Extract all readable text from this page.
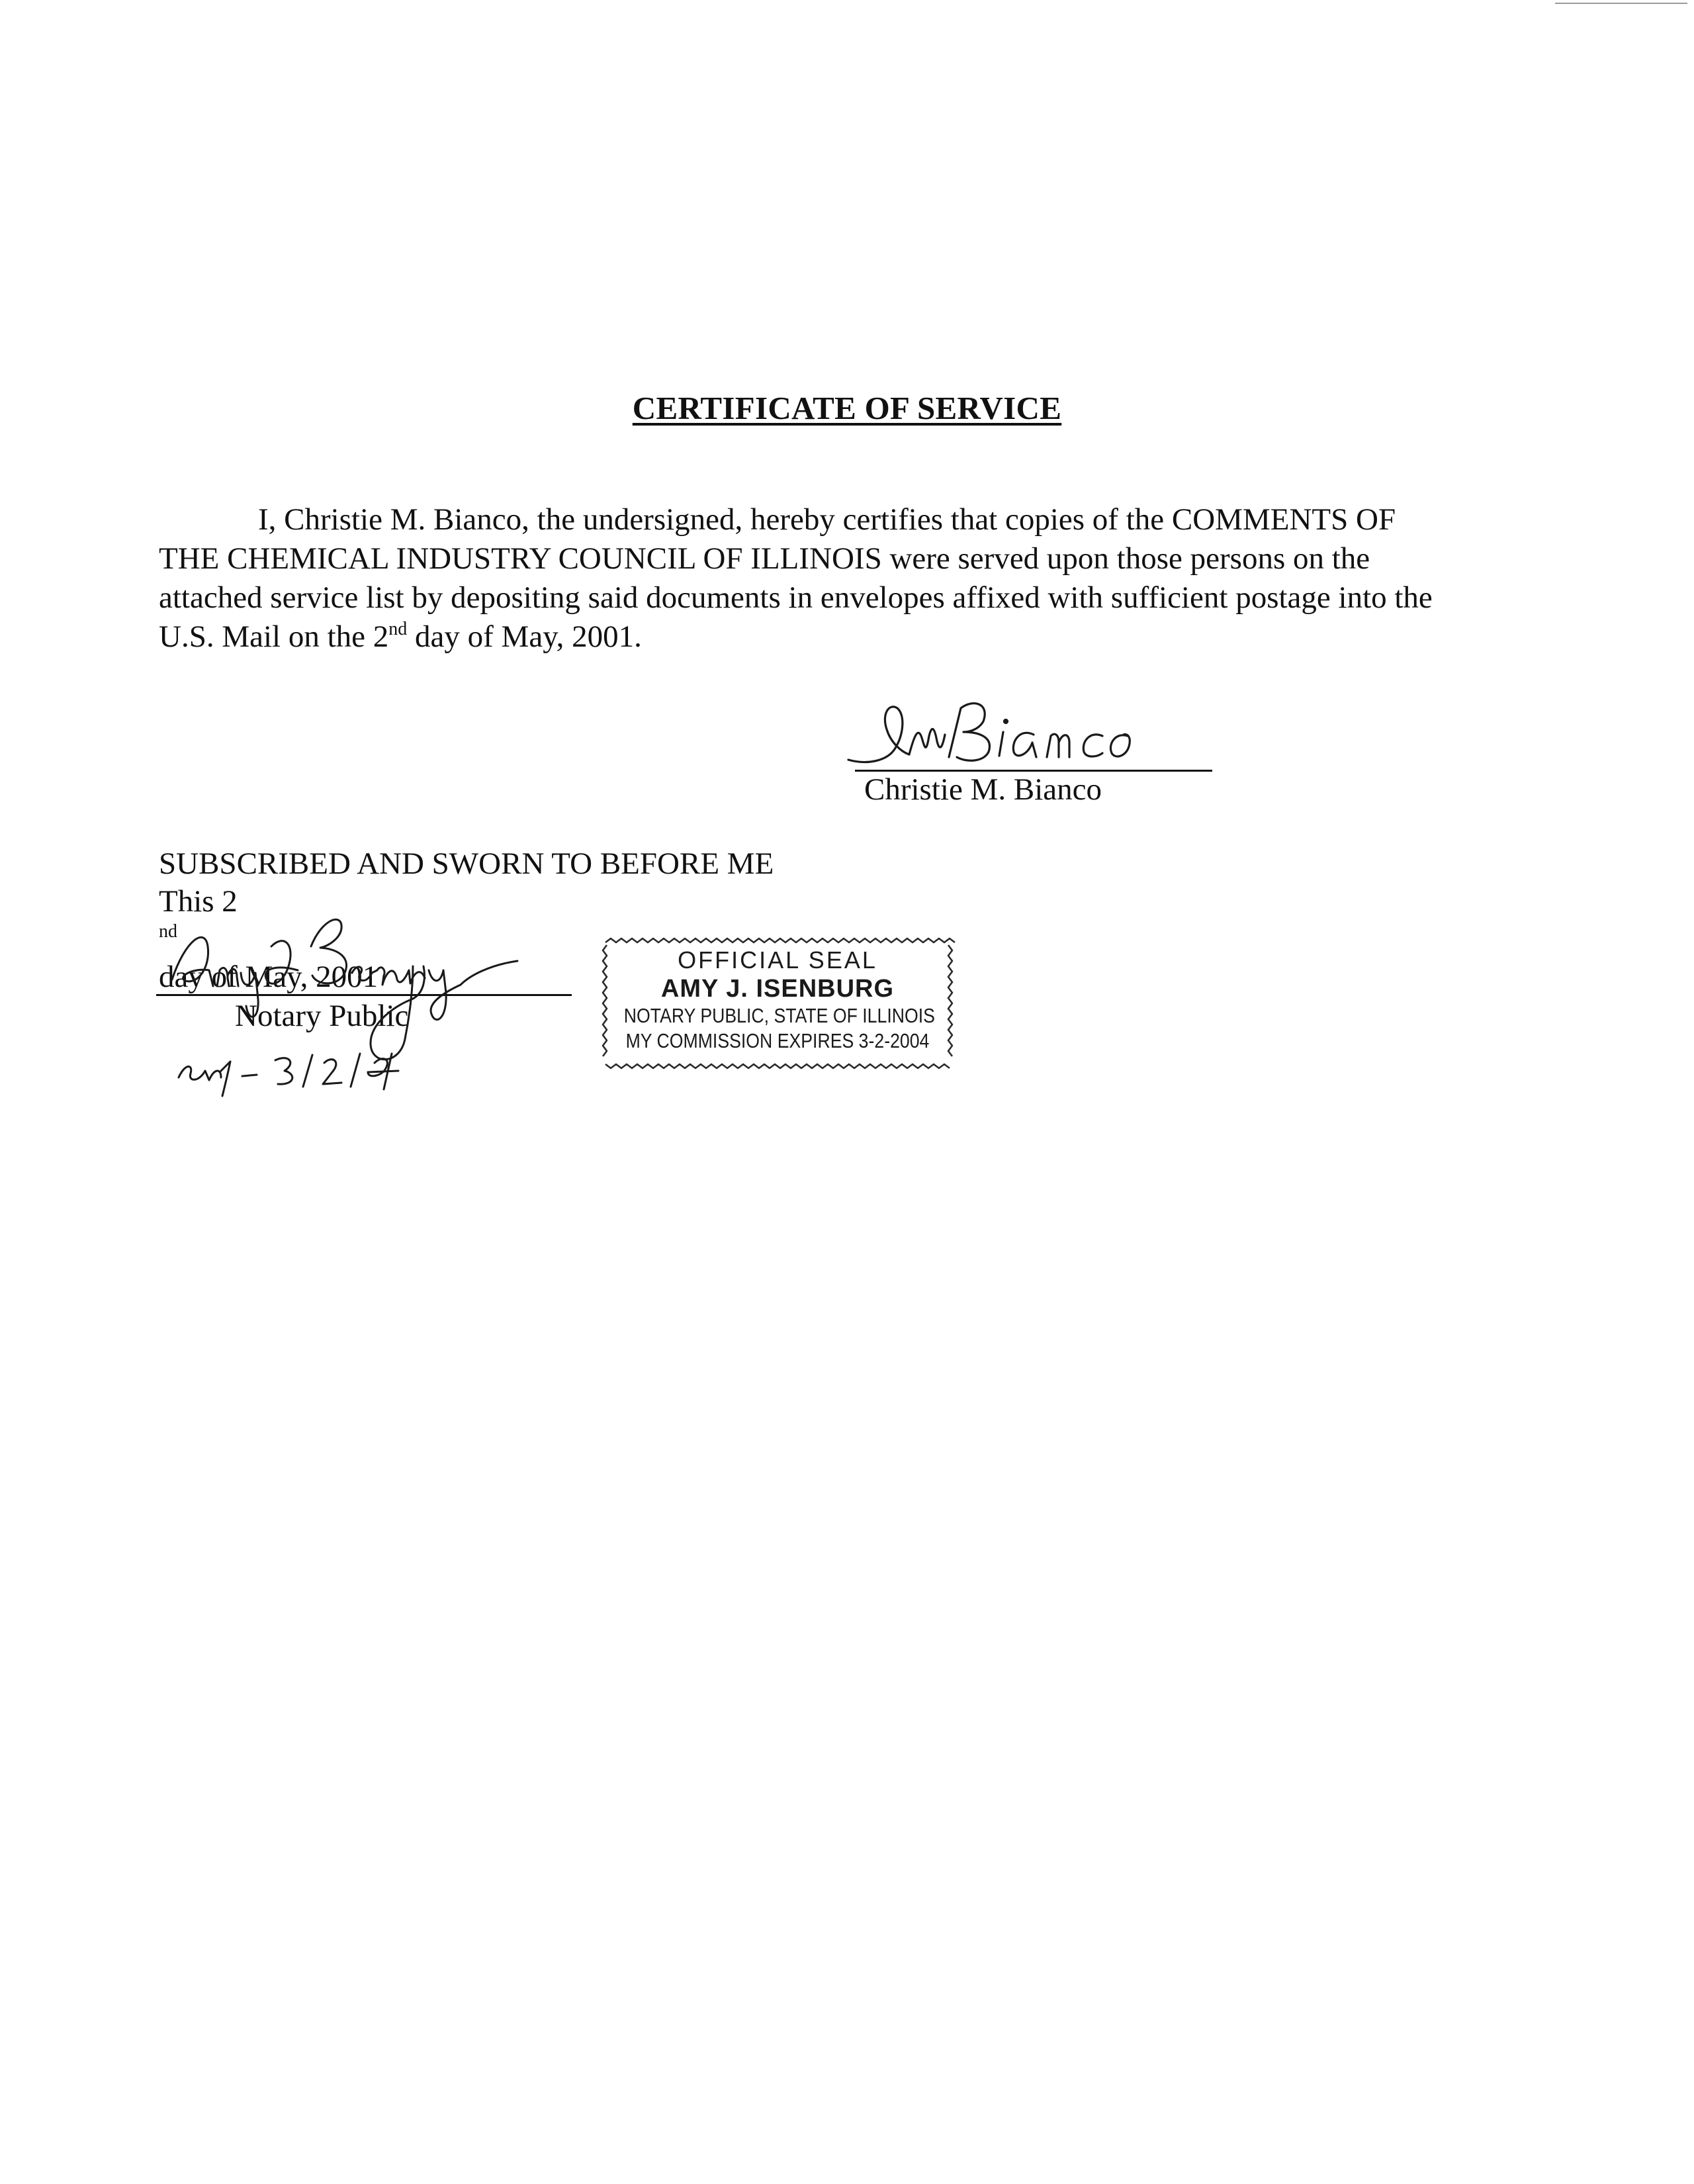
CERTIFICATE OF SERVICE
I, Christie M. Bianco, the undersigned, hereby certifies that copies of the COMMENTS OF
THE CHEMICAL INDUSTRY COUNCIL OF ILLINOIS were served upon those persons on the
attached service list by depositing said documents in envelopes affixed with sufficient postage into the
U.S. Mail on the 2nd day of May, 2001.
Christie M. Bianco
SUBSCRIBED AND SWORN TO BEFORE ME
This 2
$^{nd}$
day of May, 2001
Notary Public
OFFICIAL SEAL
AMY J. ISENBURG
NOTARY PUBLIC, STATE OF ILLINOIS
MY COMMISSION EXPIRES 3-2-2004
